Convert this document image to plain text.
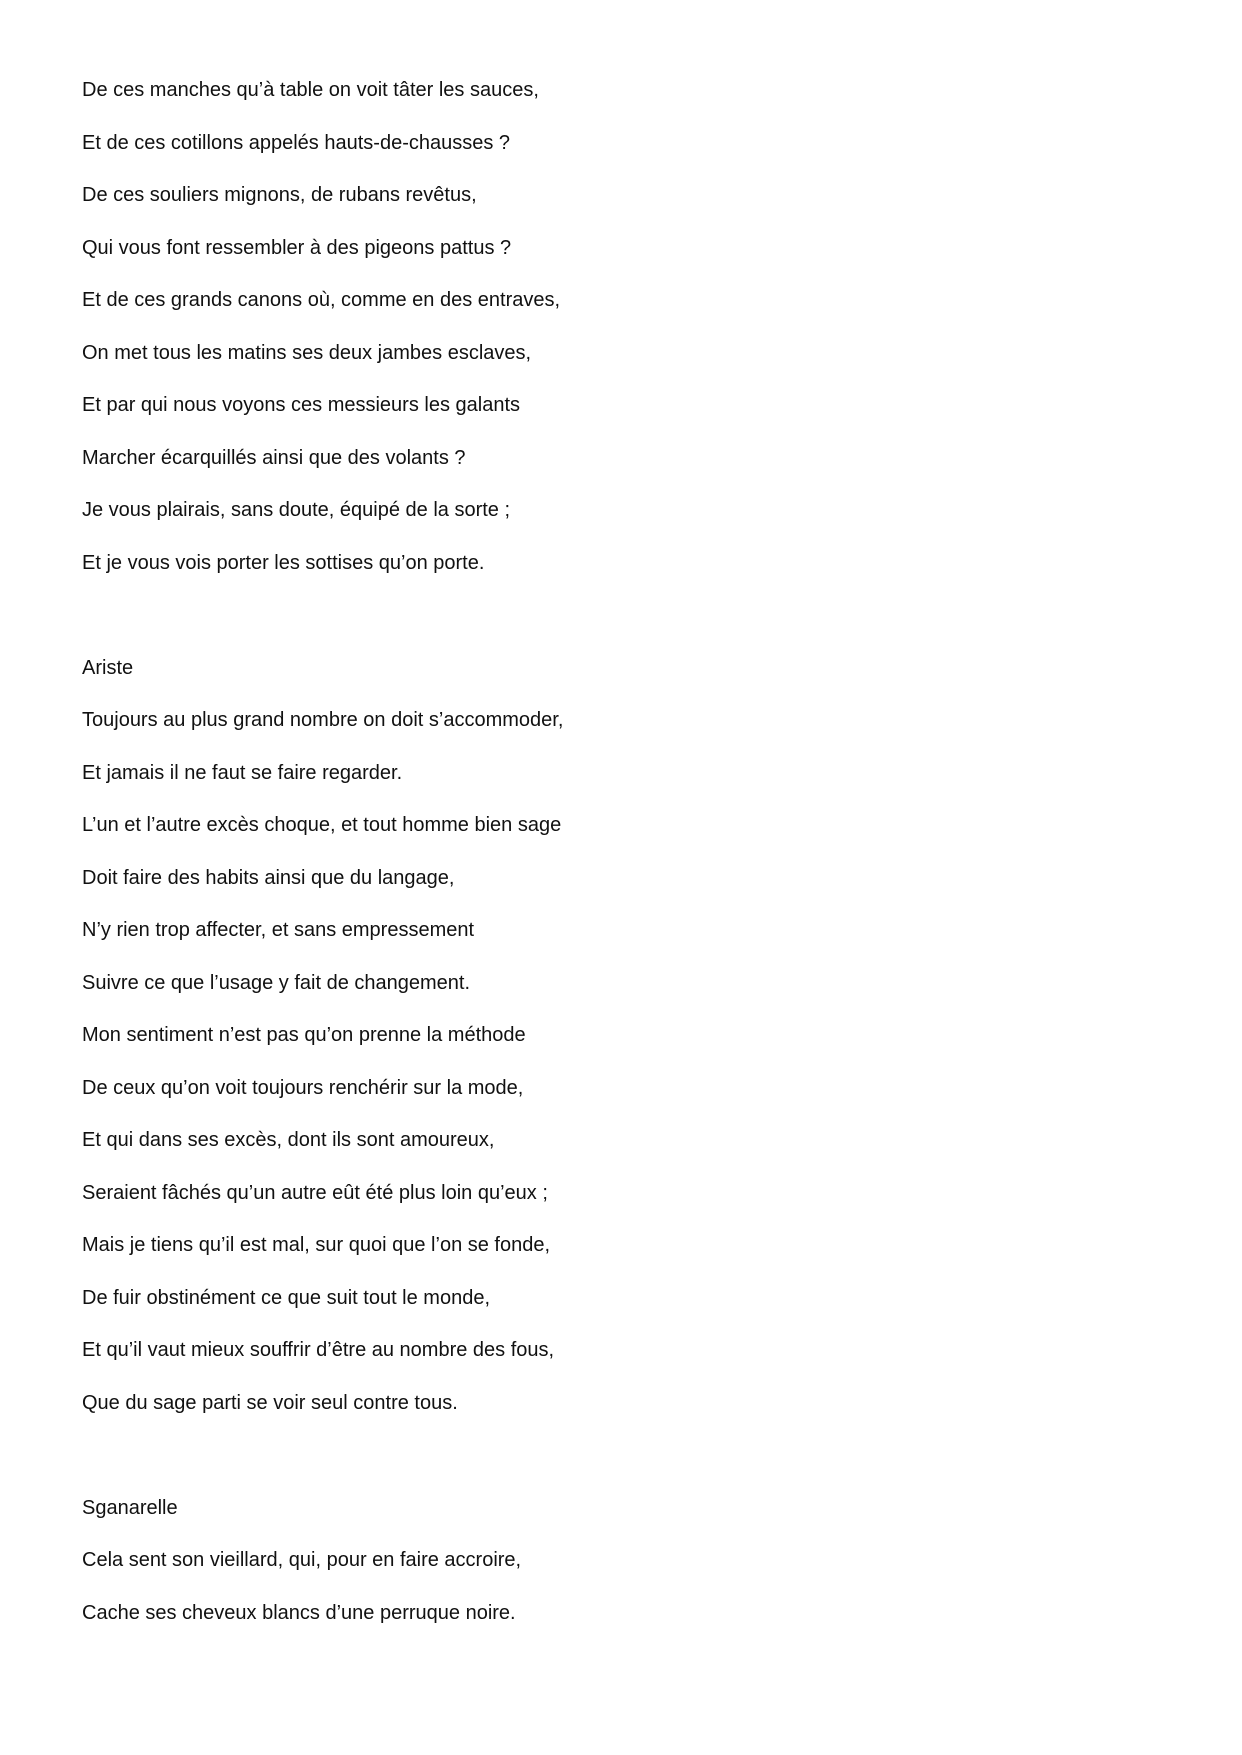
De ces manches qu’à table on voit tâter les sauces,

Et de ces cotillons appelés hauts-de-chausses ?

De ces souliers mignons, de rubans revêtus,

Qui vous font ressembler à des pigeons pattus ?

Et de ces grands canons où, comme en des entraves,

On met tous les matins ses deux jambes esclaves,

Et par qui nous voyons ces messieurs les galants

Marcher écarquillés ainsi que des volants ?

Je vous plairais, sans doute, équipé de la sorte ;

Et je vous vois porter les sottises qu’on porte.

Ariste

Toujours au plus grand nombre on doit s’accommoder,

Et jamais il ne faut se faire regarder.

L’un et l’autre excès choque, et tout homme bien sage

Doit faire des habits ainsi que du langage,

N’y rien trop affecter, et sans empressement

Suivre ce que l’usage y fait de changement.

Mon sentiment n’est pas qu’on prenne la méthode

De ceux qu’on voit toujours renchérir sur la mode,

Et qui dans ses excès, dont ils sont amoureux,

Seraient fâchés qu’un autre eût été plus loin qu’eux ;

Mais je tiens qu’il est mal, sur quoi que l’on se fonde,

De fuir obstinément ce que suit tout le monde,

Et qu’il vaut mieux souffrir d’être au nombre des fous,

Que du sage parti se voir seul contre tous.

Sganarelle

Cela sent son vieillard, qui, pour en faire accroire,

Cache ses cheveux blancs d’une perruque noire.
